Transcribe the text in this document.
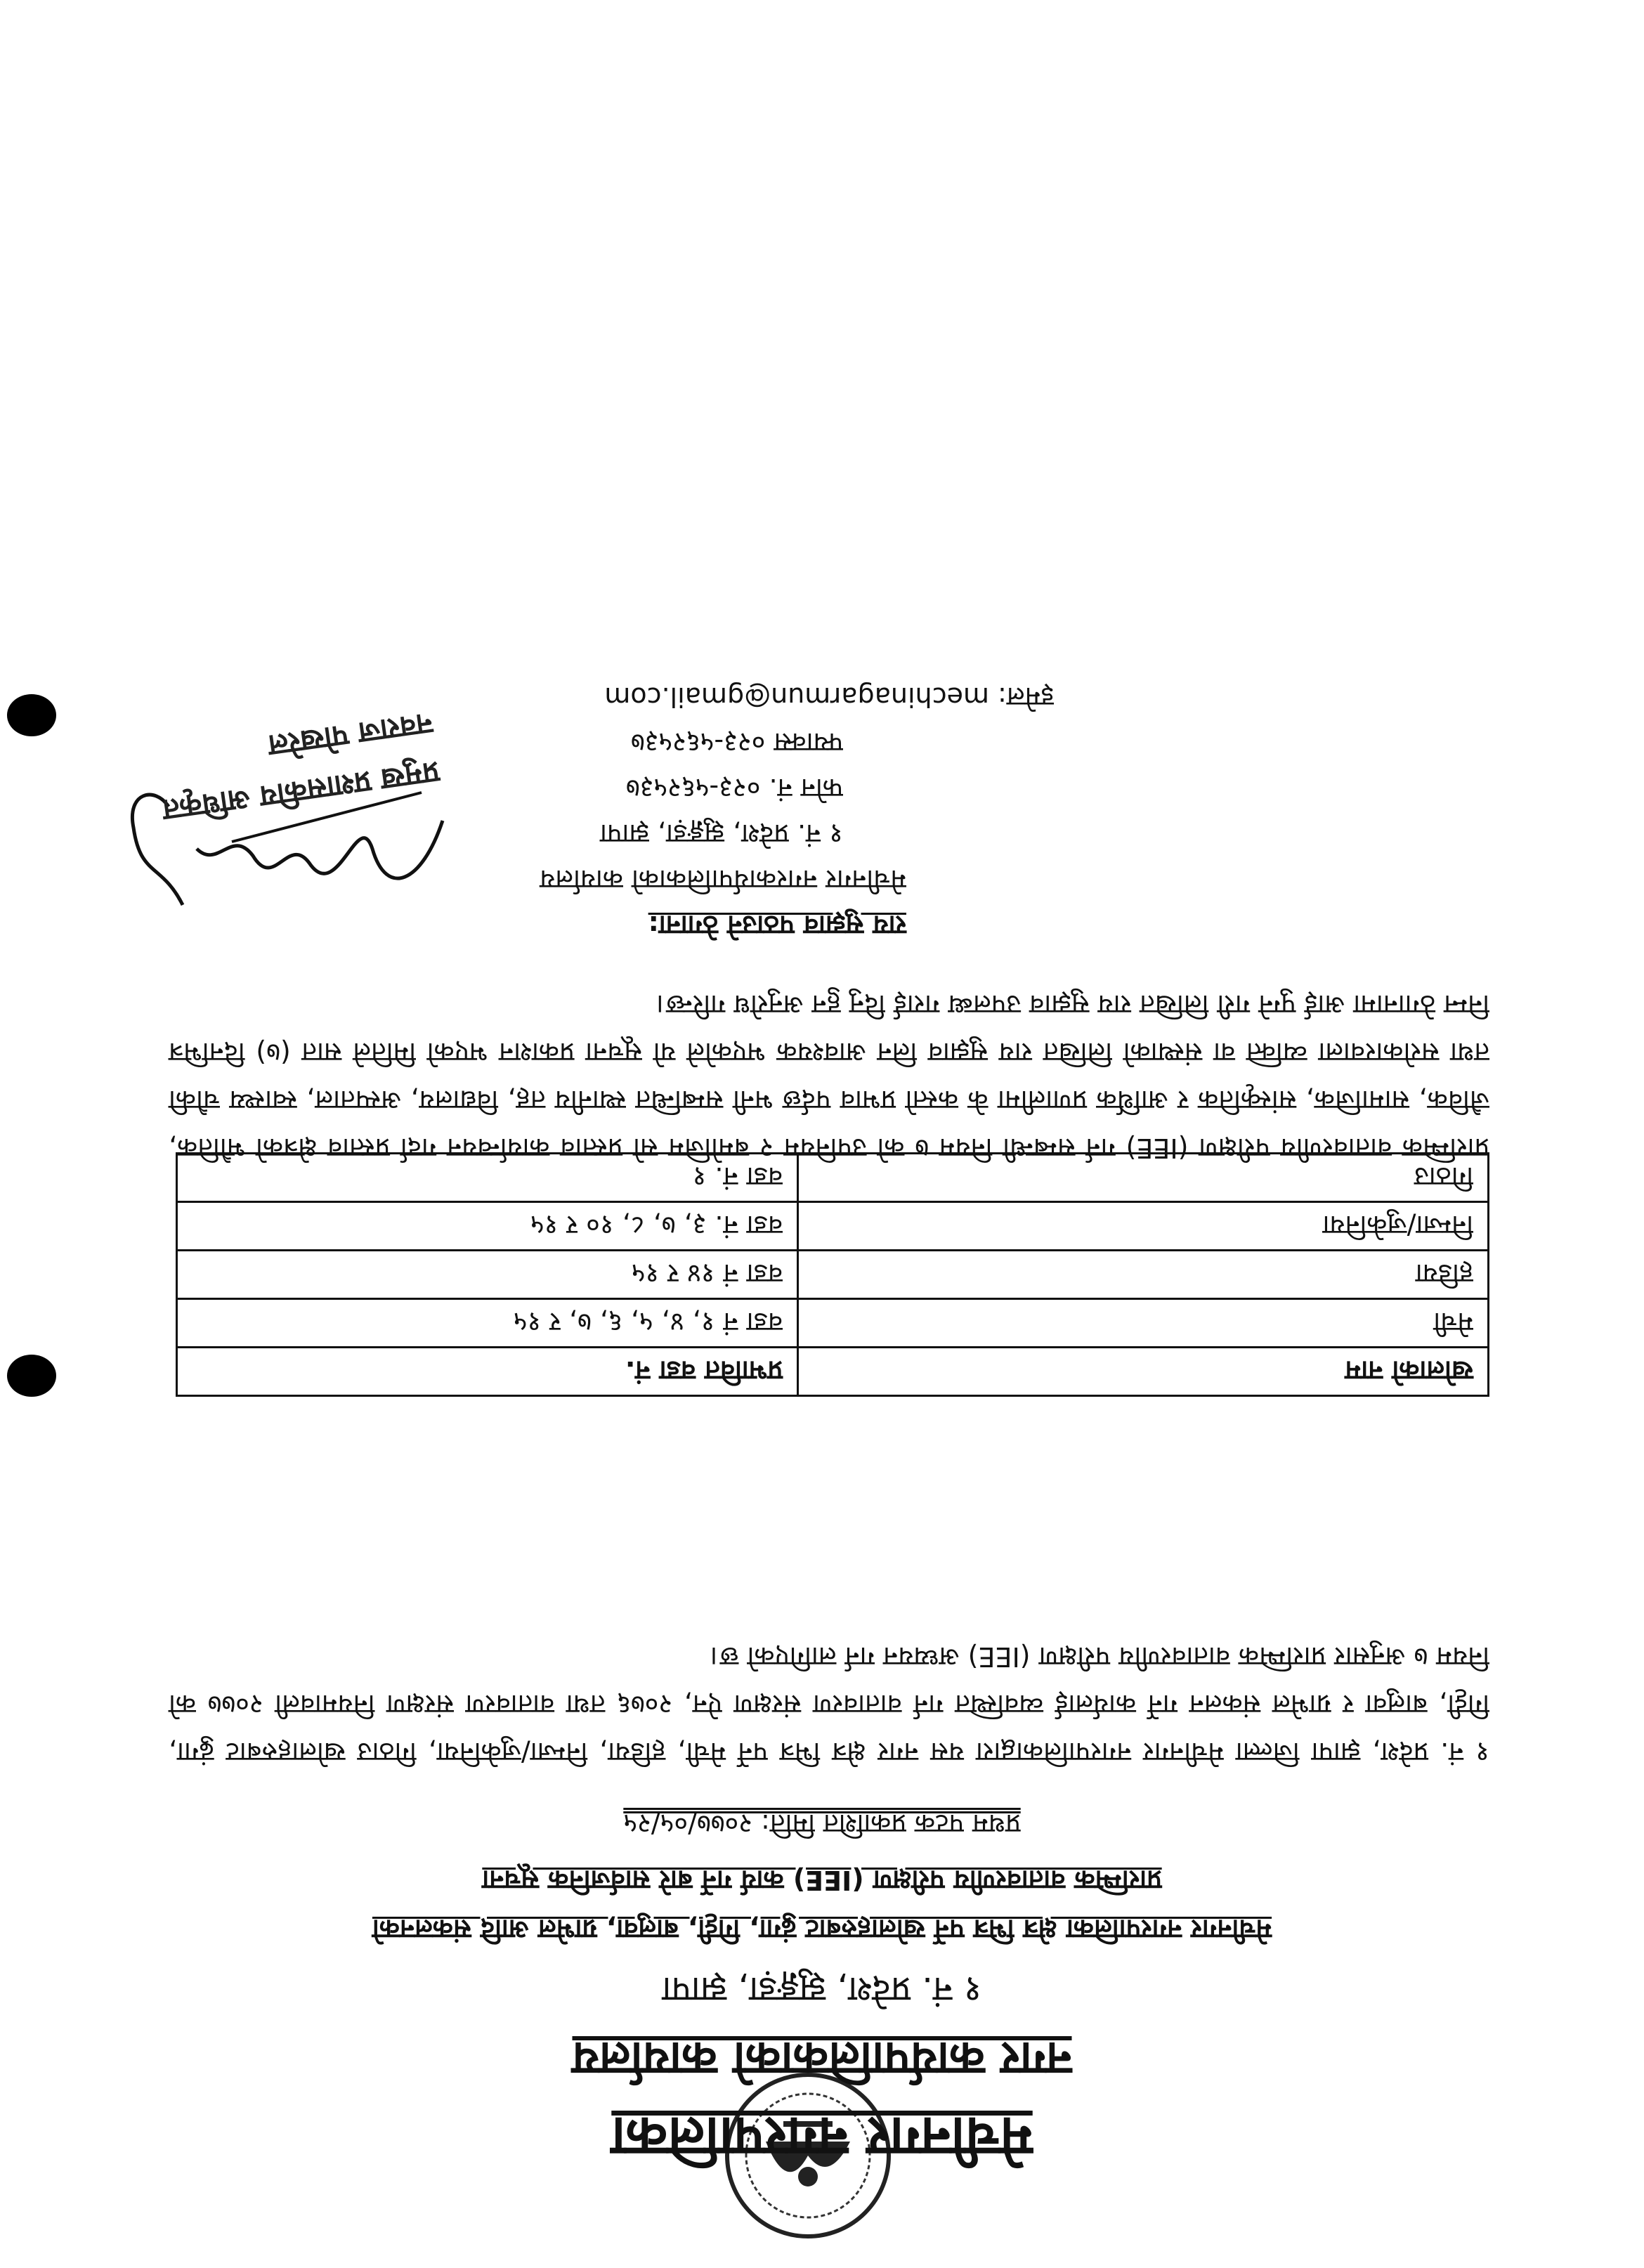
मेचीनगर नगरपालिका
नगर कार्यपालिकाको कार्यालय
१ नं. प्रदेश, झुङ्गड़ा, झापा
मेचीनगर नगरपालिका क्षेत्र भित्र पर्ने खोलाहरुबाट ढुंगा, गिट्टी, बालुवा, ग्राभेल आदि संकलनको
प्रारम्भिक वातावरणीय परीक्षण (IEE) कार्य गर्ने बारे सार्वजनिक सूचना
प्रथम पटक प्रकाशित मिति: २०७७/०५/२५
१ नं. प्रदेश, झापा जिल्ला मेचीनगर नगरपालिकाद्वारा यस नगर क्षेत्र भित्र पर्ने मेची, हडिया, निम्जा/जुकेनिया, गिठाउ खोलाहरुबाट ढुंगा, गिट्टी, बालुवा र ग्राभेल संकलन गर्ने कार्यलाई व्यवस्थित गर्न वातावरण संरक्षण ऐन, २०७६ तथा वातावरण संरक्षण नियमावली २०७७ को नियम ७ अनुसार प्रारम्भिक वातावरणीय परीक्षण (IEE) अध्ययन गर्न लागिएको छ।
खोलाको नाम	प्रभावित वडा नं.
मेची	वडा नं १, ४, ५, ६, ७, र १५
हडिया	वडा नं १४ र १५
निम्जा/जुकेनिया	वडा नं. ३, ७, ८, १० र १५
गिठाउ	वडा नं. १
प्रारम्भिक वातावरणीय परीक्षण (IEE) गर्न सम्बन्धी नियम ७ को उपनियम २ बमोजिम सो प्रस्ताव कार्यान्वयन गर्दा प्रस्ताव क्षेत्रको भौतिक, जैविक, सामाजिक, सांस्कृतिक र आर्थिक प्रणालीमा के कस्तो प्रभाव पर्दछ भनी सम्बन्धित स्थानीय तह, विद्यालय, अस्पताल, स्वास्थ्य चौकी तथा सरोकारवाला व्यक्ति वा संस्थाको लिखित राय सुझाव लिन आवश्यक भएकोले यो सूचना प्रकाशन भएको मितिले सात (७) दिनभित्र निम्न ठेगानामा आई पुग्ने गरी लिखित राय सुझाव उपलब्ध गराई दिनु हुन अनुरोध गरिन्छ।
राय सुझाव पठाउने ठेगाना:
मेचीनगर नगरकार्यपालिकाको कार्यालय
१ नं. प्रदेश, झुङ्गड़ा, झापा
फोन नं. ०२३-५६२५३७
फ्याक्स ०२३-५६२५३७
इमेल: mechinagarmun@gmail.com
प्रमुख प्रशासकीय अधिकृत
नवराज पोखरेल
